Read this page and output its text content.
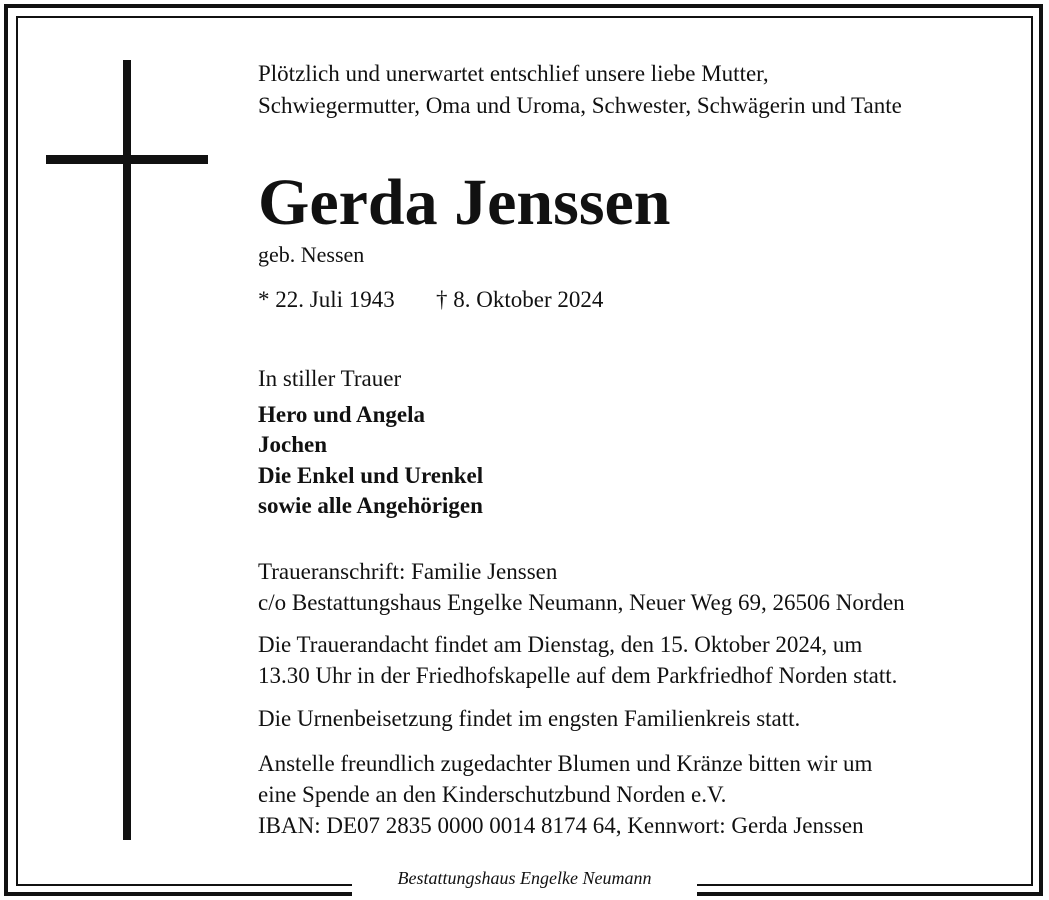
Bestattungshaus Engelke Neumann
Plötzlich und unerwartet entschlief unsere liebe Mutter,
Schwiegermutter, Oma und Uroma, Schwester, Schwägerin und Tante
Gerda Jenssen
geb. Nessen
* 22. Juli 1943 † 8. Oktober 2024
In stiller Trauer
Hero und Angela
Jochen
Die Enkel und Urenkel
sowie alle Angehörigen
Traueranschrift: Familie Jenssen
c/o Bestattungshaus Engelke Neumann, Neuer Weg 69, 26506 Norden
Die Trauerandacht findet am Dienstag, den 15. Oktober 2024, um
13.30 Uhr in der Friedhofskapelle auf dem Parkfriedhof Norden statt.
Die Urnenbeisetzung findet im engsten Familienkreis statt.
Anstelle freundlich zugedachter Blumen und Kränze bitten wir um
eine Spende an den Kinderschutzbund Norden e.V.
IBAN: DE07 2835 0000 0014 8174 64, Kennwort: Gerda Jenssen
